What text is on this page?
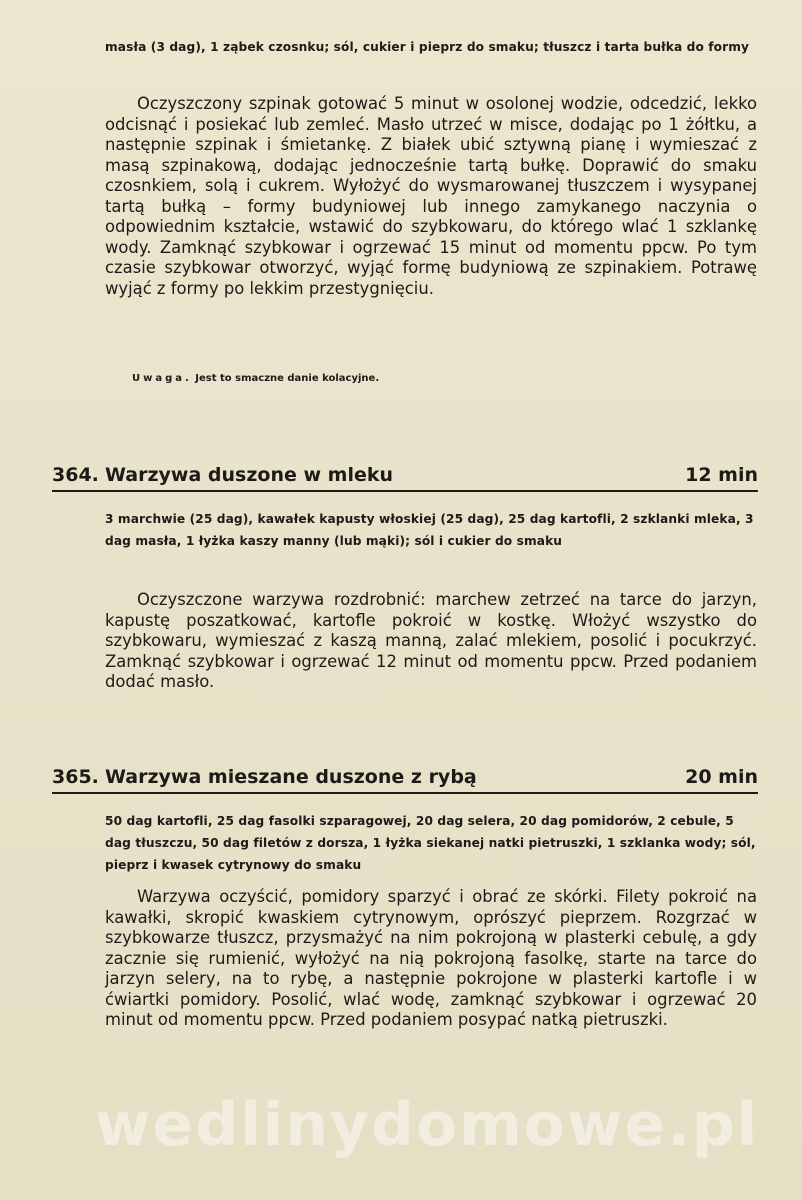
masła (3 dag), 1 ząbek czosnku; sól, cukier i pieprz do smaku; tłuszcz i tarta bułka do formy

Oczyszczony szpinak gotować 5 minut w osolonej wodzie, odcedzić, lekko odcisnąć i posiekać lub zemleć. Masło utrzeć w misce, dodając po 1 żółtku, a następnie szpinak i śmietankę. Z białek ubić sztywną pianę i wymieszać z masą szpinakową, dodając jednocześnie tartą bułkę. Doprawić do smaku czosnkiem, solą i cukrem. Wyłożyć do wysmarowanej tłuszczem i wysypanej tartą bułką – formy budyniowej lub innego zamykanego naczynia o odpowiednim kształcie, wstawić do szybkowaru, do którego wlać 1 szklankę wody. Zamknąć szybkowar i ogrzewać 15 minut od momentu ppcw. Po tym czasie szybkowar otworzyć, wyjąć formę budyniową ze szpinakiem. Potrawę wyjąć z formy po lekkim przestygnięciu.

Uwaga. Jest to smaczne danie kolacyjne.

364. Warzywa duszone w mleku	12 min

3 marchwie (25 dag), kawałek kapusty włoskiej (25 dag), 25 dag kartofli, 2 szklanki mleka, 3 dag masła, 1 łyżka kaszy manny (lub mąki); sól i cukier do smaku

Oczyszczone warzywa rozdrobnić: marchew zetrzeć na tarce do jarzyn, kapustę poszatkować, kartofle pokroić w kostkę. Włożyć wszystko do szybkowaru, wymieszać z kaszą manną, zalać mlekiem, posolić i pocukrzyć. Zamknąć szybkowar i ogrzewać 12 minut od momentu ppcw. Przed podaniem dodać masło.

365. Warzywa mieszane duszone z rybą	20 min

50 dag kartofli, 25 dag fasolki szparagowej, 20 dag selera, 20 dag pomidorów, 2 cebule, 5 dag tłuszczu, 50 dag filetów z dorsza, 1 łyżka siekanej natki pietruszki, 1 szklanka wody; sól, pieprz i kwasek cytrynowy do smaku

Warzywa oczyścić, pomidory sparzyć i obrać ze skórki. Filety pokroić na kawałki, skropić kwaskiem cytrynowym, oprószyć pieprzem. Rozgrzać w szybkowarze tłuszcz, przysmażyć na nim pokrojoną w plasterki cebulę, a gdy zacznie się rumienić, wyłożyć na nią pokrojoną fasolkę, starte na tarce do jarzyn selery, na to rybę, a następnie pokrojone w plasterki kartofle i w ćwiartki pomidory. Posolić, wlać wodę, zamknąć szybkowar i ogrzewać 20 minut od momentu ppcw. Przed podaniem posypać natką pietruszki.

wedlinydomowe.pl
